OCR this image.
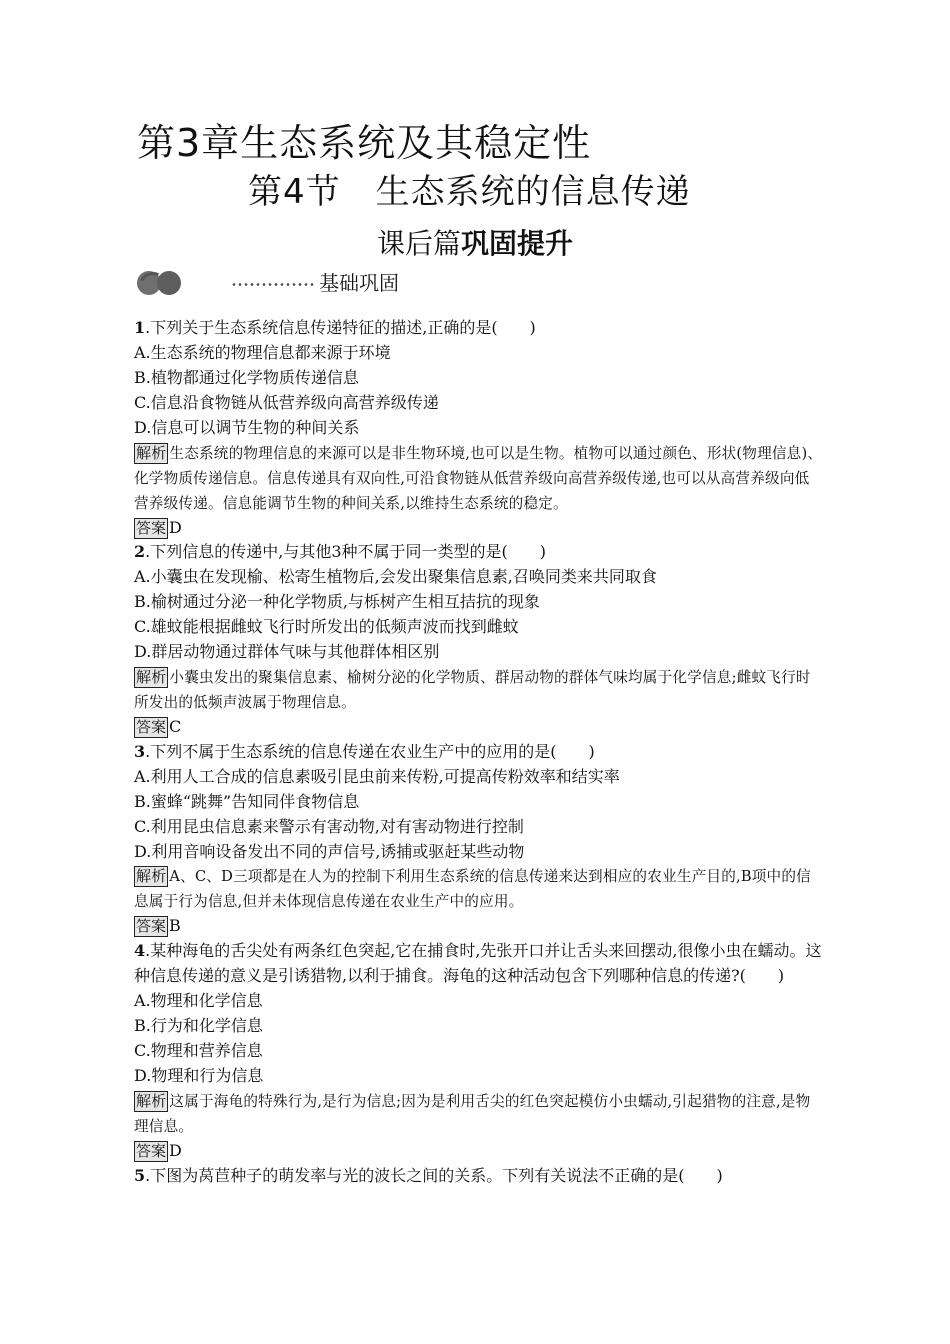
第3章生态系统及其稳定性
第4节　生态系统的信息传递
课后篇巩固提升
基础巩固
1.下列关于生态系统信息传递特征的描述,正确的是(　　)
A.生态系统的物理信息都来源于环境
B.植物都通过化学物质传递信息
C.信息沿食物链从低营养级向高营养级传递
D.信息可以调节生物的种间关系
解析 生态系统的物理信息的来源可以是非生物环境,也可以是生物。植物可以通过颜色、形状(物理信息)、化学物质传递信息。信息传递具有双向性,可沿食物链从低营养级向高营养级传递,也可以从高营养级向低营养级传递。信息能调节生物的种间关系,以维持生态系统的稳定。
答案 D
2.下列信息的传递中,与其他3种不属于同一类型的是(　　)
A.小囊虫在发现榆、松寄生植物后,会发出聚集信息素,召唤同类来共同取食
B.榆树通过分泌一种化学物质,与栎树产生相互拮抗的现象
C.雄蚊能根据雌蚊飞行时所发出的低频声波而找到雌蚊
D.群居动物通过群体气味与其他群体相区别
解析 小囊虫发出的聚集信息素、榆树分泌的化学物质、群居动物的群体气味均属于化学信息;雌蚊飞行时所发出的低频声波属于物理信息。
答案 C
3.下列不属于生态系统的信息传递在农业生产中的应用的是(　　)
A.利用人工合成的信息素吸引昆虫前来传粉,可提高传粉效率和结实率
B.蜜蜂“跳舞”告知同伴食物信息
C.利用昆虫信息素来警示有害动物,对有害动物进行控制
D.利用音响设备发出不同的声信号,诱捕或驱赶某些动物
解析 A、C、D三项都是在人为的控制下利用生态系统的信息传递来达到相应的农业生产目的,B项中的信息属于行为信息,但并未体现信息传递在农业生产中的应用。
答案 B
4.某种海龟的舌尖处有两条红色突起,它在捕食时,先张开口并让舌头来回摆动,很像小虫在蠕动。这种信息传递的意义是引诱猎物,以利于捕食。海龟的这种活动包含下列哪种信息的传递?(　　)
A.物理和化学信息
B.行为和化学信息
C.物理和营养信息
D.物理和行为信息
解析 这属于海龟的特殊行为,是行为信息;因为是利用舌尖的红色突起模仿小虫蠕动,引起猎物的注意,是物理信息。
答案 D
5.下图为莴苣种子的萌发率与光的波长之间的关系。下列有关说法不正确的是(　　)
